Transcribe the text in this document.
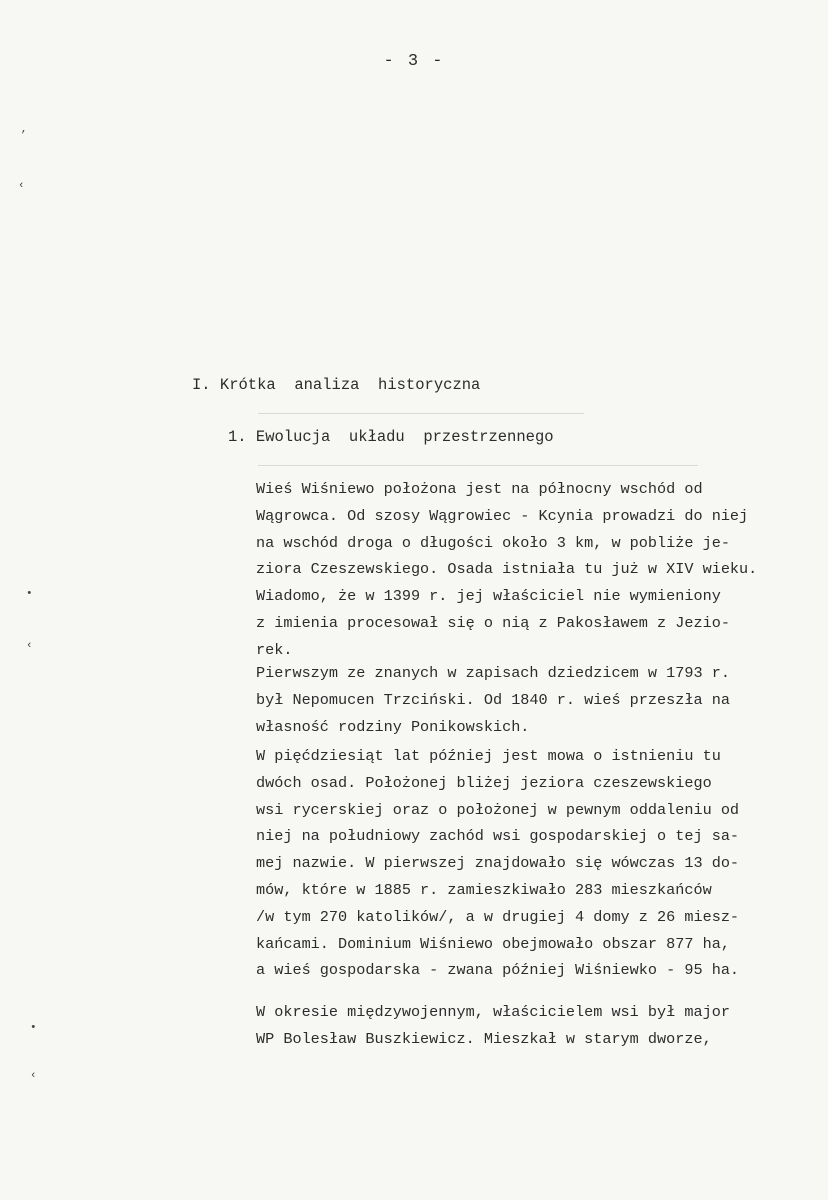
- 3 -
’
‹
•
‹
•
‹
I. Krótka  analiza  historyczna
1. Ewolucja  układu  przestrzennego
Wieś Wiśniewo położona jest na północny wschód od
Wągrowca. Od szosy Wągrowiec - Kcynia prowadzi do niej
na wschód droga o długości około 3 km, w pobliże je-
ziora Czeszewskiego. Osada istniała tu już w XIV wieku.
Wiadomo, że w 1399 r. jej właściciel nie wymieniony
z imienia procesował się o nią z Pakosławem z Jezio-
rek.
Pierwszym ze znanych w zapisach dziedzicem w 1793 r.
był Nepomucen Trzciński. Od 1840 r. wieś przeszła na
własność rodziny Ponikowskich.
W pięćdziesiąt lat później jest mowa o istnieniu tu
dwóch osad. Położonej bliżej jeziora czeszewskiego
wsi rycerskiej oraz o położonej w pewnym oddaleniu od
niej na południowy zachód wsi gospodarskiej o tej sa-
mej nazwie. W pierwszej znajdowało się wówczas 13 do-
mów, które w 1885 r. zamieszkiwało 283 mieszkańców
/w tym 270 katolików/, a w drugiej 4 domy z 26 miesz-
kańcami. Dominium Wiśniewo obejmowało obszar 877 ha,
a wieś gospodarska - zwana później Wiśniewko - 95 ha.
W okresie międzywojennym, właścicielem wsi był major
WP Bolesław Buszkiewicz. Mieszkał w starym dworze,
